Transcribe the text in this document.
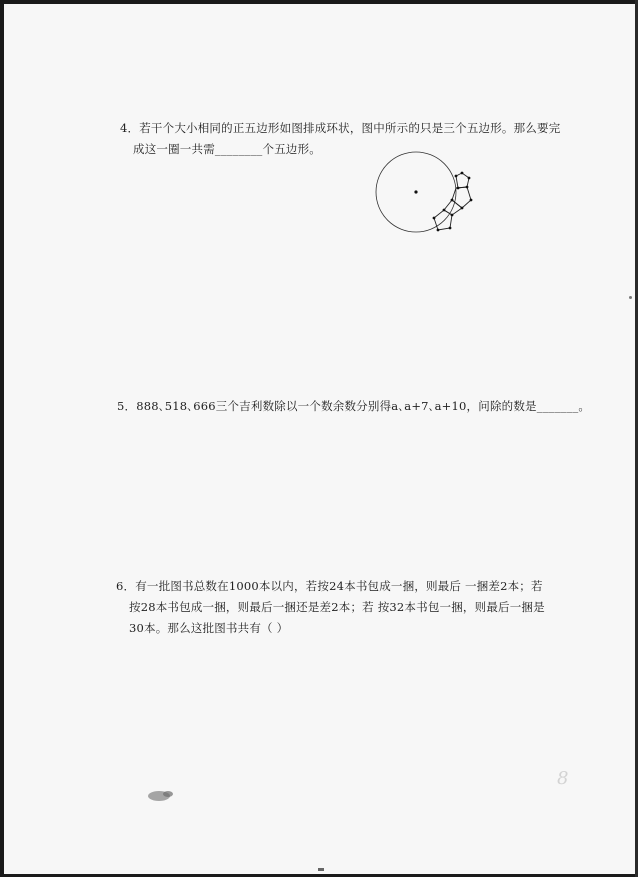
4．若干个大小相同的正五边形如图排成环状，图中所示的只是三个五边形。那么要完
成这一圈一共需________个五边形。
5．888､518､666三个吉利数除以一个数余数分别得a､a+7､a+10，问除的数是_______。
6．有一批图书总数在1000本以内，若按24本书包成一捆，则最后 一捆差2本；若
按28本书包成一捆，则最后一捆还是差2本；若 按32本书包一捆，则最后一捆是
30本。那么这批图书共有（ ）
8
